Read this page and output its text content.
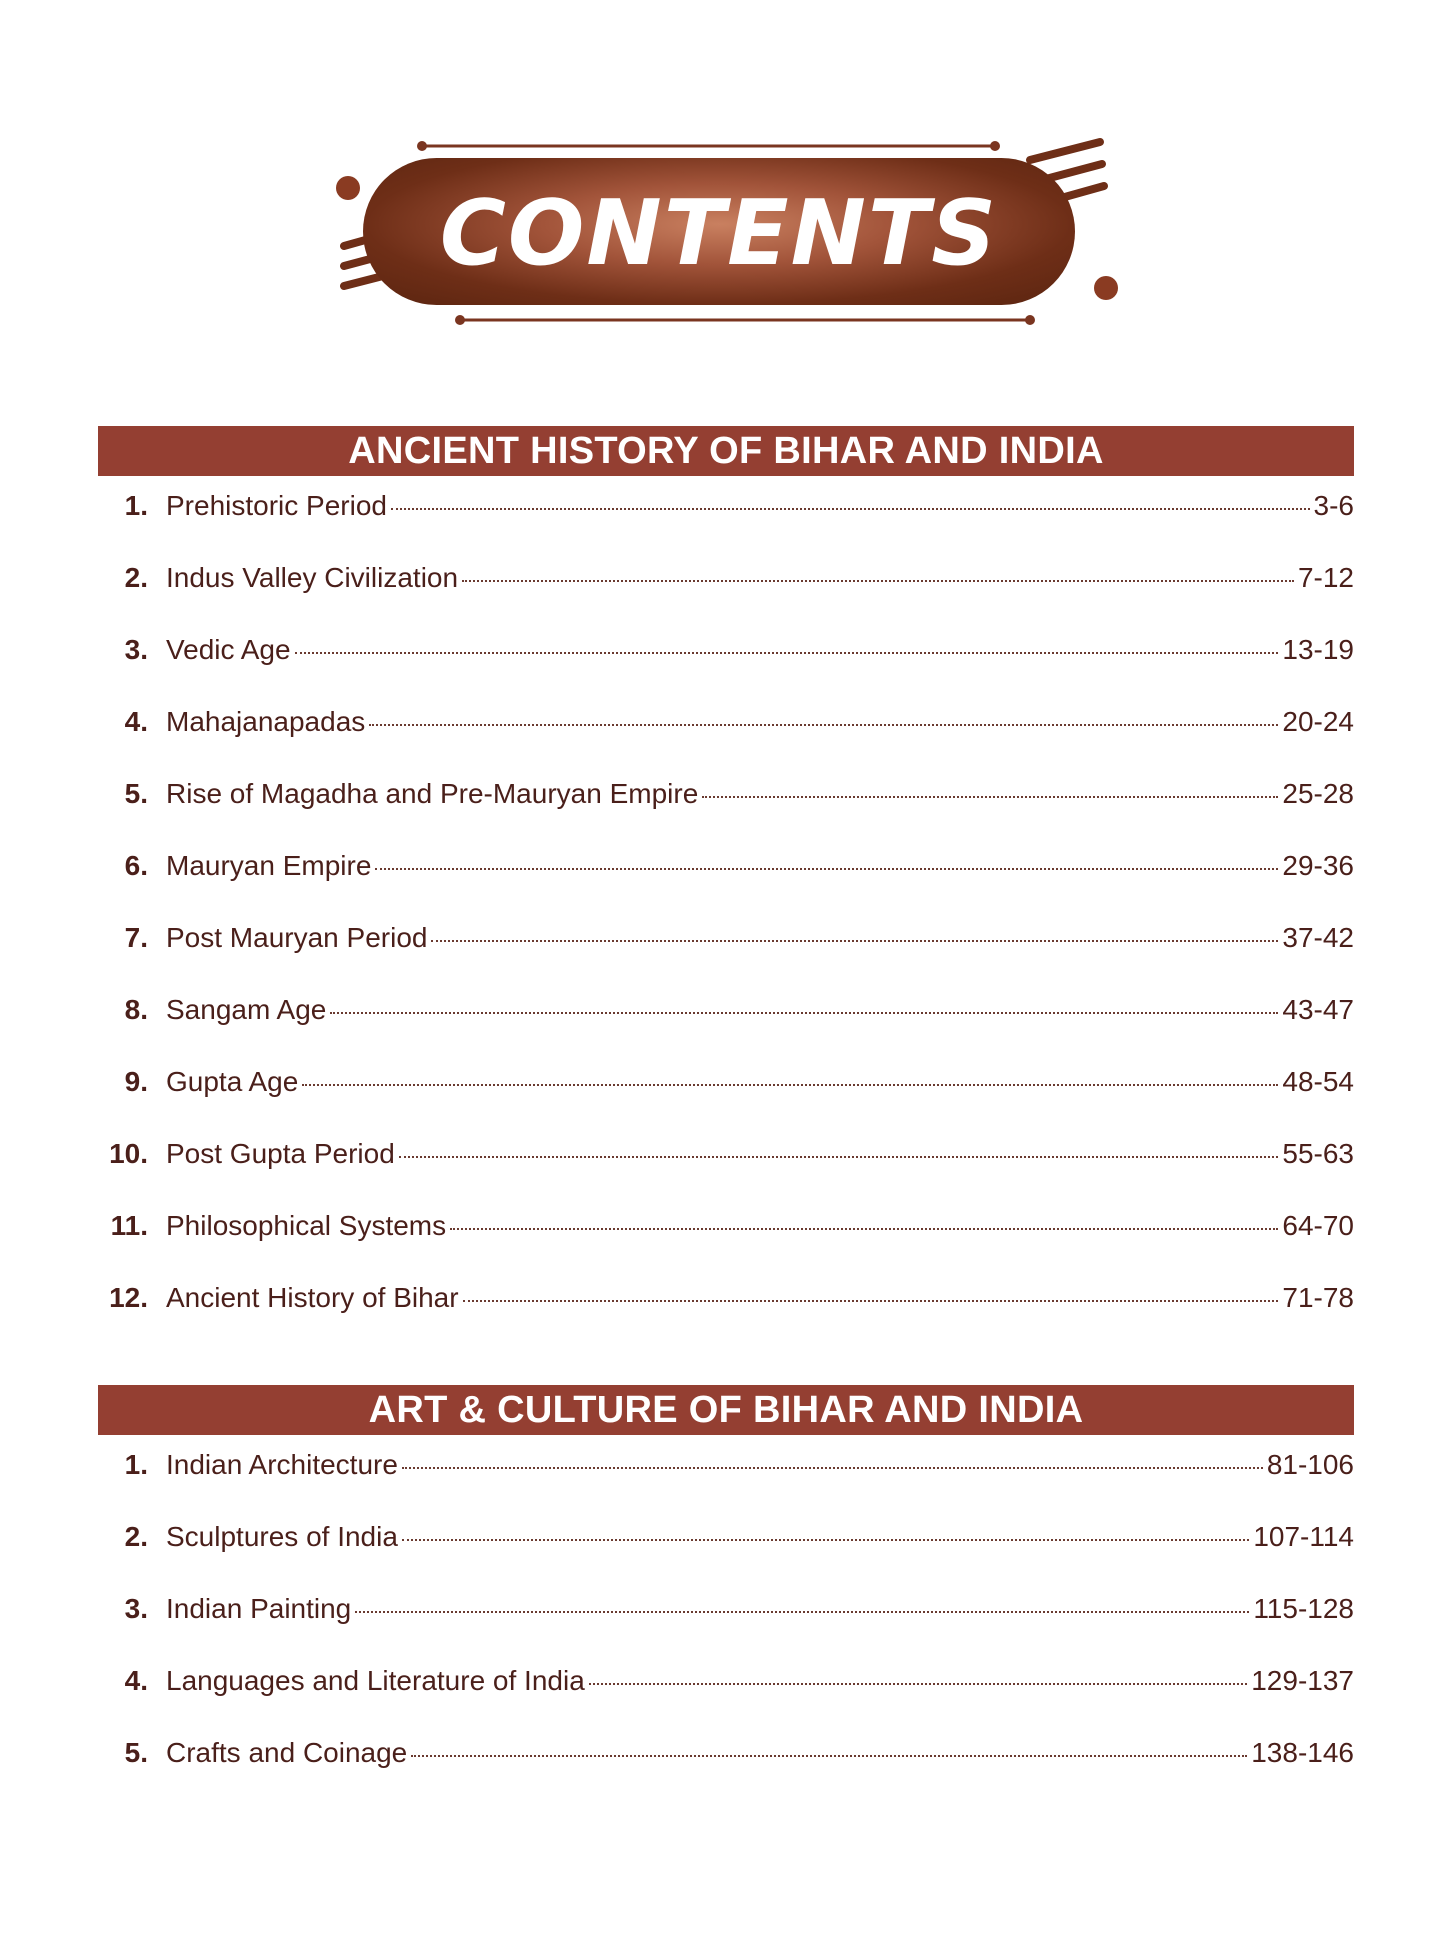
CONTENTS
ANCIENT HISTORY OF BIHAR AND INDIA
1. Prehistoric Period	3-6
2. Indus Valley Civilization	7-12
3. Vedic Age	13-19
4. Mahajanapadas	20-24
5. Rise of Magadha and Pre-Mauryan Empire	25-28
6. Mauryan Empire	29-36
7. Post Mauryan Period	37-42
8. Sangam Age	43-47
9. Gupta Age	48-54
10. Post Gupta Period	55-63
11. Philosophical Systems	64-70
12. Ancient History of Bihar	71-78
ART & CULTURE OF BIHAR AND INDIA
1. Indian Architecture	81-106
2. Sculptures of India	107-114
3. Indian Painting	115-128
4. Languages and Literature of India	129-137
5. Crafts and Coinage	138-146
